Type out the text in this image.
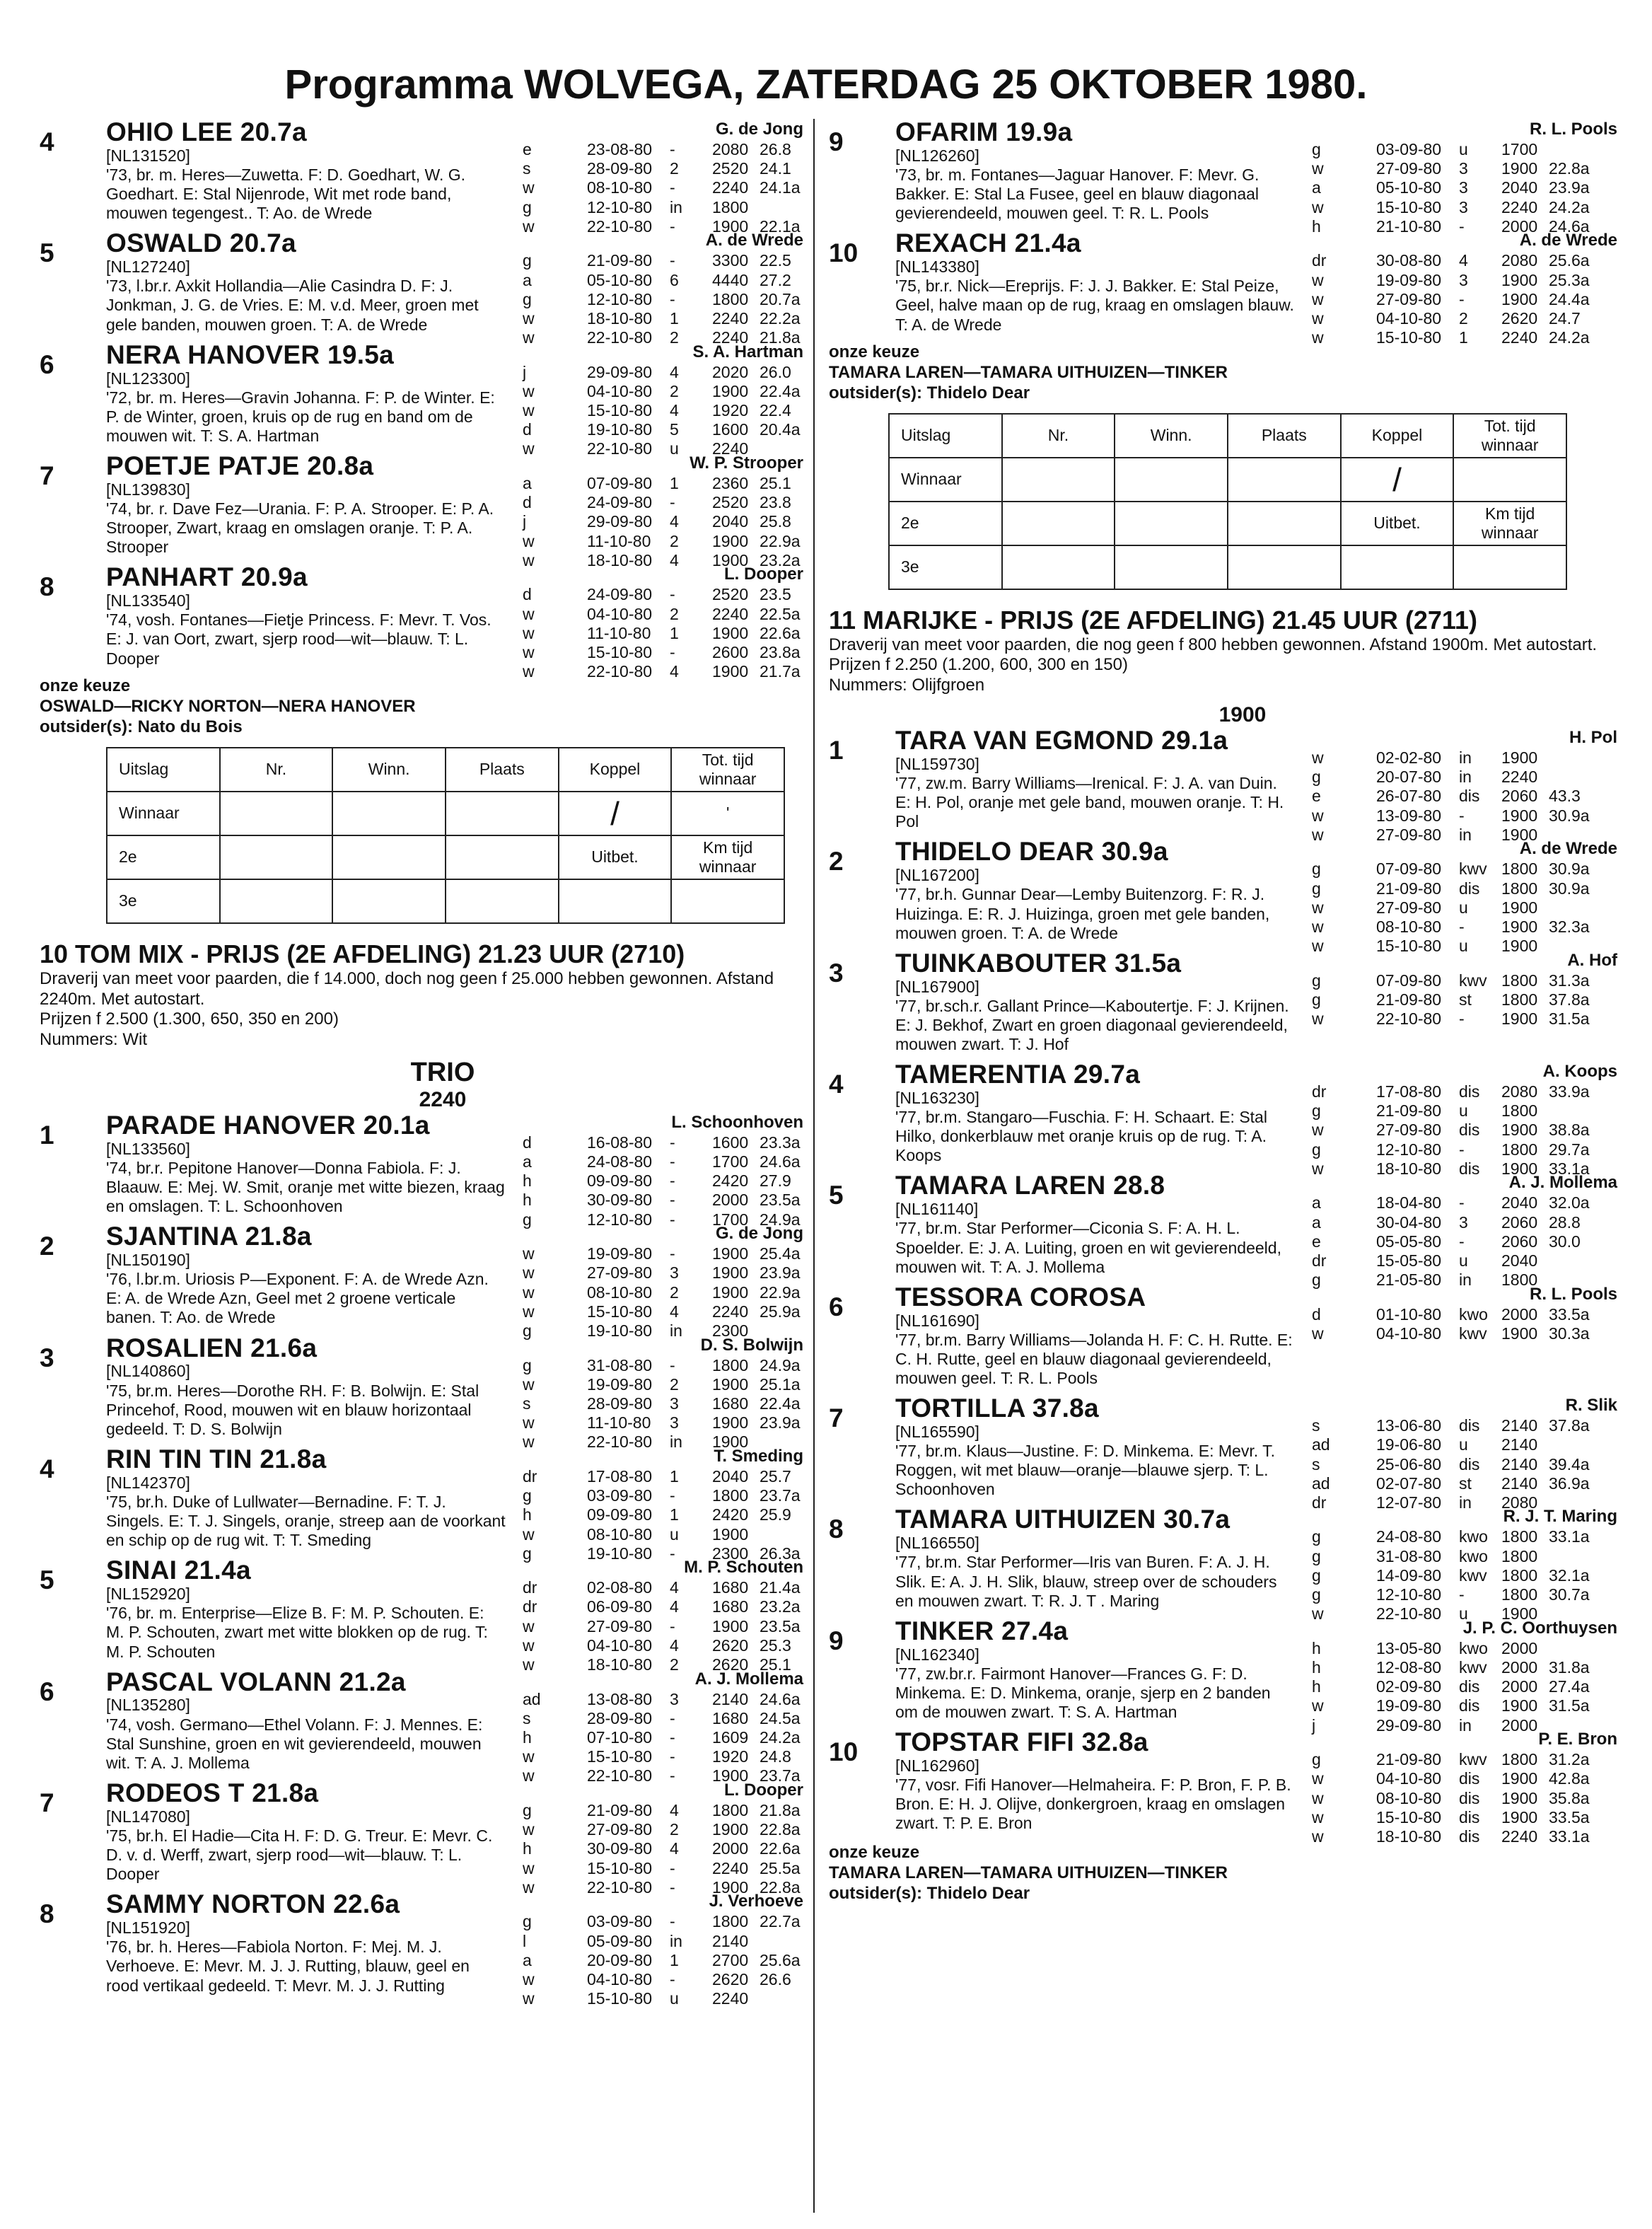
Programma WOLVEGA, ZATERDAG 25 OKTOBER 1980.
4	OHIO LEE 20.7a
[NL131520]
'73, br. m. Heres—Zuwetta. F: D. Goedhart, W. G. Goedhart. E: Stal Nijenrode, Wit met rode band, mouwen tegengest.. T: Ao. de Wrede
G. de Jong
e	23-08-80 - 2080 26.8
s	28-09-80 2 2520 24.1
w	08-10-80 - 2240 24.1a
g	12-10-80 in 1800
w	22-10-80 - 1900 22.1a
5	OSWALD 20.7a
[NL127240]
'73, l.br.r. Axkit Hollandia—Alie Casindra D. F: J. Jonkman, J. G. de Vries. E: M. v.d. Meer, groen met gele banden, mouwen groen. T: A. de Wrede
A. de Wrede
g	21-09-80 - 3300 22.5
a	05-10-80 6 4440 27.2
g	12-10-80 - 1800 20.7a
w	18-10-80 1 2240 22.2a
w	22-10-80 2 2240 21.8a
6	NERA HANOVER 19.5a
[NL123300]
'72, br. m. Heres—Gravin Johanna. F: P. de Winter. E: P. de Winter, groen, kruis op de rug en band om de mouwen wit. T: S. A. Hartman
S. A. Hartman
j	29-09-80 4 2020 26.0
w	04-10-80 2 1900 22.4a
w	15-10-80 4 1920 22.4
d	19-10-80 5 1600 20.4a
w	22-10-80 u 2240
7	POETJE PATJE 20.8a
[NL139830]
'74, br. r. Dave Fez—Urania. F: P. A. Strooper. E: P. A. Strooper, Zwart, kraag en omslagen oranje. T: P. A. Strooper
W. P. Strooper
a	07-09-80 1 2360 25.1
d	24-09-80 - 2520 23.8
j	29-09-80 4 2040 25.8
w	11-10-80 2 1900 22.9a
w	18-10-80 4 1900 23.2a
8	PANHART 20.9a
[NL133540]
'74, vosh. Fontanes—Fietje Princess. F: Mevr. T. Vos. E: J. van Oort, zwart, sjerp rood—wit—blauw. T: L. Dooper
L. Dooper
d	24-09-80 - 2520 23.5
w	04-10-80 2 2240 22.5a
w	11-10-80 1 1900 22.6a
w	15-10-80 - 2600 23.8a
w	22-10-80 4 1900 21.7a
onze keuze
OSWALD—RICKY NORTON—NERA HANOVER
outsider(s): Nato du Bois
Uitslag	Nr.	Winn.	Plaats	Koppel	Tot. tijd winnaar
Winnaar				/	'
2e				Uitbet.	Km tijd winnaar
3e					
10 TOM MIX - PRIJS (2E AFDELING) 21.23 UUR (2710)
Draverij van meet voor paarden, die f 14.000, doch nog geen f 25.000 hebben gewonnen. Afstand 2240m. Met autostart.
Prijzen f 2.500 (1.300, 650, 350 en 200)
Nummers: Wit
TRIO
2240
1	PARADE HANOVER 20.1a
[NL133560]
'74, br.r. Pepitone Hanover—Donna Fabiola. F: J. Blaauw. E: Mej. W. Smit, oranje met witte biezen, kraag en omslagen. T: L. Schoonhoven
L. Schoonhoven
d	16-08-80 - 1600 23.3a
a	24-08-80 - 1700 24.6a
h	09-09-80 - 2420 27.9
h	30-09-80 - 2000 23.5a
g	12-10-80 - 1700 24.9a
2	SJANTINA 21.8a
[NL150190]
'76, l.br.m. Uriosis P—Exponent. F: A. de Wrede Azn. E: A. de Wrede Azn, Geel met 2 groene verticale banen. T: Ao. de Wrede
G. de Jong
w	19-09-80 - 1900 25.4a
w	27-09-80 3 1900 23.9a
w	08-10-80 2 1900 22.9a
w	15-10-80 4 2240 25.9a
g	19-10-80 in 2300
3	ROSALIEN 21.6a
[NL140860]
'75, br.m. Heres—Dorothe RH. F: B. Bolwijn. E: Stal Princehof, Rood, mouwen wit en blauw horizontaal gedeeld. T: D. S. Bolwijn
D. S. Bolwijn
g	31-08-80 - 1800 24.9a
w	19-09-80 2 1900 25.1a
s	28-09-80 3 1680 22.4a
w	11-10-80 3 1900 23.9a
w	22-10-80 in 1900
4	RIN TIN TIN 21.8a
[NL142370]
'75, br.h. Duke of Lullwater—Bernadine. F: T. J. Singels. E: T. J. Singels, oranje, streep aan de voorkant en schip op de rug wit. T: T. Smeding
T. Smeding
dr	17-08-80 1 2040 25.7
g	03-09-80 - 1800 23.7a
h	09-09-80 1 2420 25.9
w	08-10-80 u 1900
g	19-10-80 - 2300 26.3a
5	SINAI 21.4a
[NL152920]
'76, br. m. Enterprise—Elize B. F: M. P. Schouten. E: M. P. Schouten, zwart met witte blokken op de rug. T: M. P. Schouten
M. P. Schouten
dr	02-08-80 4 1680 21.4a
dr	06-09-80 4 1680 23.2a
w	27-09-80 - 1900 23.5a
w	04-10-80 4 2620 25.3
w	18-10-80 2 2620 25.1
6	PASCAL VOLANN 21.2a
[NL135280]
'74, vosh. Germano—Ethel Volann. F: J. Mennes. E: Stal Sunshine, groen en wit gevierendeeld, mouwen wit. T: A. J. Mollema
A. J. Mollema
ad	13-08-80 3 2140 24.6a
s	28-09-80 - 1680 24.5a
h	07-10-80 - 1609 24.2a
w	15-10-80 - 1920 24.8
w	22-10-80 - 1900 23.7a
7	RODEOS T 21.8a
[NL147080]
'75, br.h. El Hadie—Cita H. F: D. G. Treur. E: Mevr. C. D. v. d. Werff, zwart, sjerp rood—wit—blauw. T: L. Dooper
L. Dooper
g	21-09-80 4 1800 21.8a
w	27-09-80 2 1900 22.8a
h	30-09-80 4 2000 22.6a
w	15-10-80 - 2240 25.5a
w	22-10-80 - 1900 22.8a
8	SAMMY NORTON 22.6a
[NL151920]
'76, br. h. Heres—Fabiola Norton. F: Mej. M. J. Verhoeve. E: Mevr. M. J. J. Rutting, blauw, geel en rood vertikaal gedeeld. T: Mevr. M. J. J. Rutting
J. Verhoeve
g	03-09-80 - 1800 22.7a
l	05-09-80 in 2140
a	20-09-80 1 2700 25.6a
w	04-10-80 - 2620 26.6
w	15-10-80 u 2240
9	OFARIM 19.9a
[NL126260]
'73, br. m. Fontanes—Jaguar Hanover. F: Mevr. G. Bakker. E: Stal La Fusee, geel en blauw diagonaal gevierendeeld, mouwen geel. T: R. L. Pools
R. L. Pools
g	03-09-80 u 1700
w	27-09-80 3 1900 22.8a
a	05-10-80 3 2040 23.9a
w	15-10-80 3 2240 24.2a
h	21-10-80 - 2000 24.6a
10	REXACH 21.4a
[NL143380]
'75, br.r. Nick—Ereprijs. F: J. J. Bakker. E: Stal Peize, Geel, halve maan op de rug, kraag en omslagen blauw. T: A. de Wrede
A. de Wrede
dr	30-08-80 4 2080 25.6a
w	19-09-80 3 1900 25.3a
w	27-09-80 - 1900 24.4a
w	04-10-80 2 2620 24.7
w	15-10-80 1 2240 24.2a
onze keuze
TAMARA LAREN—TAMARA UITHUIZEN—TINKER
outsider(s): Thidelo Dear
Uitslag	Nr.	Winn.	Plaats	Koppel	Tot. tijd winnaar
Winnaar				/	
2e				Uitbet.	Km tijd winnaar
3e					
11 MARIJKE - PRIJS (2E AFDELING) 21.45 UUR (2711)
Draverij van meet voor paarden, die nog geen f 800 hebben gewonnen. Afstand 1900m. Met autostart.
Prijzen f 2.250 (1.200, 600, 300 en 150)
Nummers: Olijfgroen
1900
1	TARA VAN EGMOND 29.1a
[NL159730]
'77, zw.m. Barry Williams—Irenical. F: J. A. van Duin. E: H. Pol, oranje met gele band, mouwen oranje. T: H. Pol
H. Pol
w	02-02-80 in 1900
g	20-07-80 in 2240
e	26-07-80 dis 2060 43.3
w	13-09-80 - 1900 30.9a
w	27-09-80 in 1900
2	THIDELO DEAR 30.9a
[NL167200]
'77, br.h. Gunnar Dear—Lemby Buitenzorg. F: R. J. Huizinga. E: R. J. Huizinga, groen met gele banden, mouwen groen. T: A. de Wrede
A. de Wrede
g	07-09-80 kwv 1800 30.9a
g	21-09-80 dis 1800 30.9a
w	27-09-80 u 1900
w	08-10-80 - 1900 32.3a
w	15-10-80 u 1900
3	TUINKABOUTER 31.5a
[NL167900]
'77, br.sch.r. Gallant Prince—Kaboutertje. F: J. Krijnen. E: J. Bekhof, Zwart en groen diagonaal gevierendeeld, mouwen zwart. T: J. Hof
A. Hof
g	07-09-80 kwv 1800 31.3a
g	21-09-80 st 1800 37.8a
w	22-10-80 - 1900 31.5a
4	TAMERENTIA 29.7a
[NL163230]
'77, br.m. Stangaro—Fuschia. F: H. Schaart. E: Stal Hilko, donkerblauw met oranje kruis op de rug. T: A. Koops
A. Koops
dr	17-08-80 dis 2080 33.9a
g	21-09-80 u 1800
w	27-09-80 dis 1900 38.8a
g	12-10-80 - 1800 29.7a
w	18-10-80 dis 1900 33.1a
5	TAMARA LAREN 28.8
[NL161140]
'77, br.m. Star Performer—Ciconia S. F: A. H. L. Spoelder. E: J. A. Luiting, groen en wit gevierendeeld, mouwen wit. T: A. J. Mollema
A. J. Mollema
a	18-04-80 - 2040 32.0a
a	30-04-80 3 2060 28.8
e	05-05-80 - 2060 30.0
dr	15-05-80 u 2040
g	21-05-80 in 1800
6	TESSORA COROSA
[NL161690]
'77, br.m. Barry Williams—Jolanda H. F: C. H. Rutte. E: C. H. Rutte, geel en blauw diagonaal gevierendeeld, mouwen geel. T: R. L. Pools
R. L. Pools
d	01-10-80 kwo 2000 33.5a
w	04-10-80 kwv 1900 30.3a
7	TORTILLA 37.8a
[NL165590]
'77, br.m. Klaus—Justine. F: D. Minkema. E: Mevr. T. Roggen, wit met blauw—oranje—blauwe sjerp. T: L. Schoonhoven
R. Slik
s	13-06-80 dis 2140 37.8a
ad	19-06-80 u 2140
s	25-06-80 dis 2140 39.4a
ad	02-07-80 st 2140 36.9a
dr	12-07-80 in 2080
8	TAMARA UITHUIZEN 30.7a
[NL166550]
'77, br.m. Star Performer—Iris van Buren. F: A. J. H. Slik. E: A. J. H. Slik, blauw, streep over de schouders en mouwen zwart. T: R. J. T . Maring
R. J. T. Maring
g	24-08-80 kwo 1800 33.1a
g	31-08-80 kwo 1800
g	14-09-80 kwv 1800 32.1a
g	12-10-80 - 1800 30.7a
w	22-10-80 u 1900
9	TINKER 27.4a
[NL162340]
'77, zw.br.r. Fairmont Hanover—Frances G. F: D. Minkema. E: D. Minkema, oranje, sjerp en 2 banden om de mouwen zwart. T: S. A. Hartman
J. P. C. Oorthuysen
h	13-05-80 kwo 2000
h	12-08-80 kwv 2000 31.8a
h	02-09-80 dis 2000 27.4a
w	19-09-80 dis 1900 31.5a
j	29-09-80 in 2000
10	TOPSTAR FIFI 32.8a
[NL162960]
'77, vosr. Fifi Hanover—Helmaheira. F: P. Bron, F. P. B. Bron. E: H. J. Olijve, donkergroen, kraag en omslagen zwart. T: P. E. Bron
P. E. Bron
g	21-09-80 kwv 1800 31.2a
w	04-10-80 dis 1900 42.8a
w	08-10-80 dis 1900 35.8a
w	15-10-80 dis 1900 33.5a
w	18-10-80 dis 2240 33.1a
onze keuze
TAMARA LAREN—TAMARA UITHUIZEN—TINKER
outsider(s): Thidelo Dear
